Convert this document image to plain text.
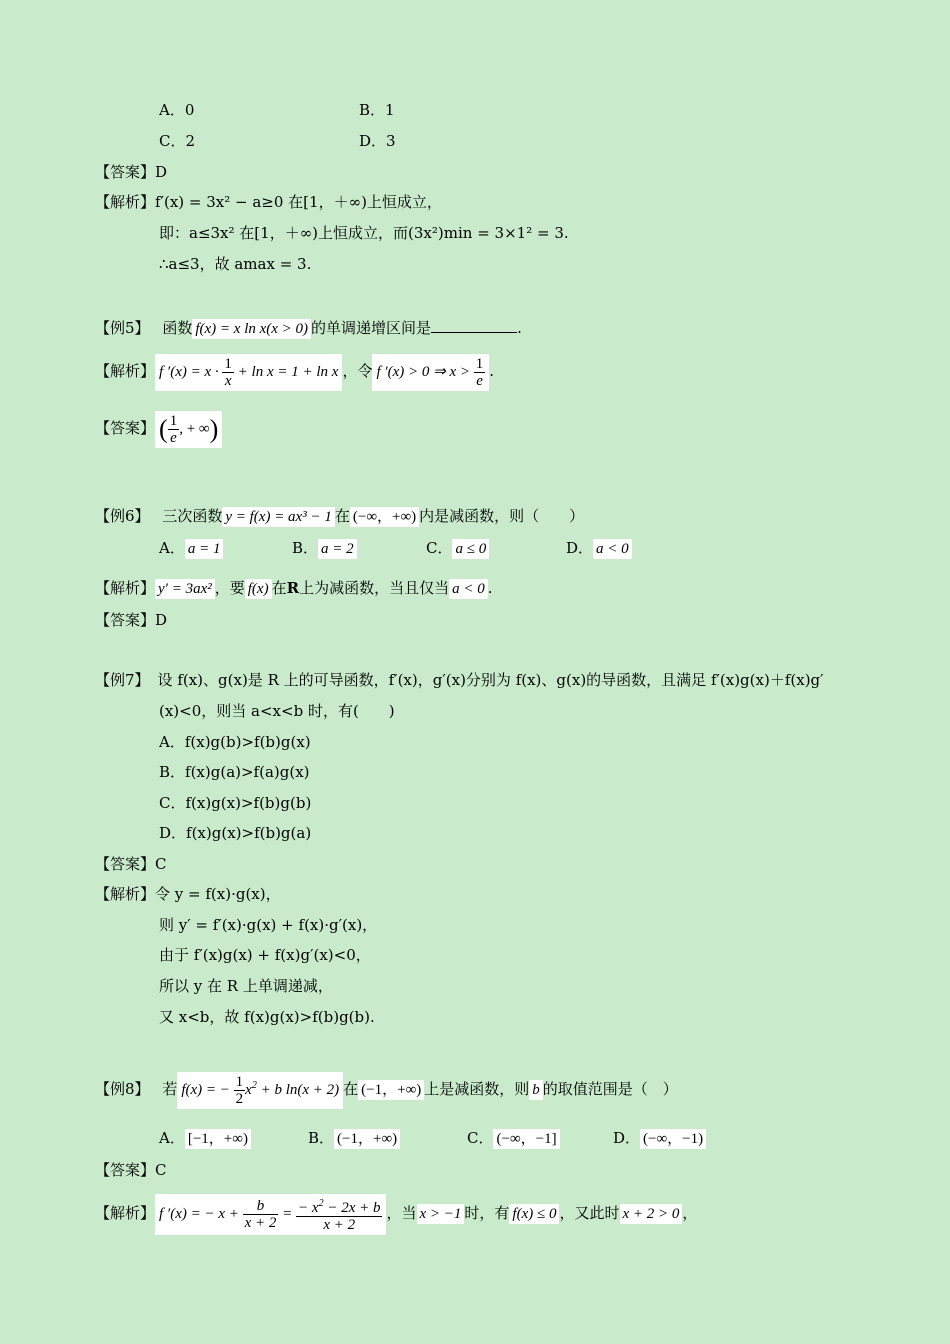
A．0	B．1
C．2	D．3
【答案】D
【解析】f′(x) = 3x² − a≥0 在[1，＋∞)上恒成立，
即：a≤3x² 在[1，＋∞)上恒成立，而(3x²)min = 3×1² = 3.
∴a≤3，故 amax = 3.
【例5】 函数 f(x) = x ln x(x > 0) 的单调递增区间是	.
【解析】 f $'(x) = x \cdot \frac{1}{x} + \ln x = 1 + \ln x$ ，令 f ′(x) > 0 ⇒ $x > \frac{1}{e}$ .
【答案】 ( $\frac{1}{e}$ , + ∞)
【例6】 三次函数 y = f(x) = ax³ − 1 在 (−∞，+∞) 内是减函数，则（　　）
A． a = 1	B． a = 2	C． a ≤ 0	D． a < 0
【解析】 y′ = 3ax² ，要 f(x) 在R上为减函数，当且仅当 a < 0 .
【答案】D
【例7】 设 f(x)、g(x)是 R 上的可导函数，f′(x)，g′(x)分别为 f(x)、g(x)的导函数，且满足 f′(x)g(x)＋f(x)g′
(x)<0，则当 a<x<b 时，有(　　)
A．f(x)g(b)>f(b)g(x)
B．f(x)g(a)>f(a)g(x)
C．f(x)g(x)>f(b)g(b)
D．f(x)g(x)>f(b)g(a)
【答案】C
【解析】令 y = f(x)·g(x)，
则 y′ = f′(x)·g(x) + f(x)·g′(x)，
由于 f′(x)g(x) + f(x)g′(x)<0，
所以 y 在 R 上单调递减，
又 x<b，故 f(x)g(x)>f(b)g(b).
【例8】 若 f(x) = − $\frac{1}{2} x^2 + b$ ln(x + 2) 在 (−1，+∞) 上是减函数，则 b 的取值范围是（　）
A． [−1，+∞)	B． (−1，+∞)	C． (−∞，−1]	D． (−∞，−1)
【答案】C
【解析】 f ′(x) = − $x + \frac{b}{x + 2} = \frac{- x^2 - 2x + b}{x + 2}$ ，当 x > −1 时，有 f(x) ≤ 0 ，又此时 x + 2 > 0 ，
